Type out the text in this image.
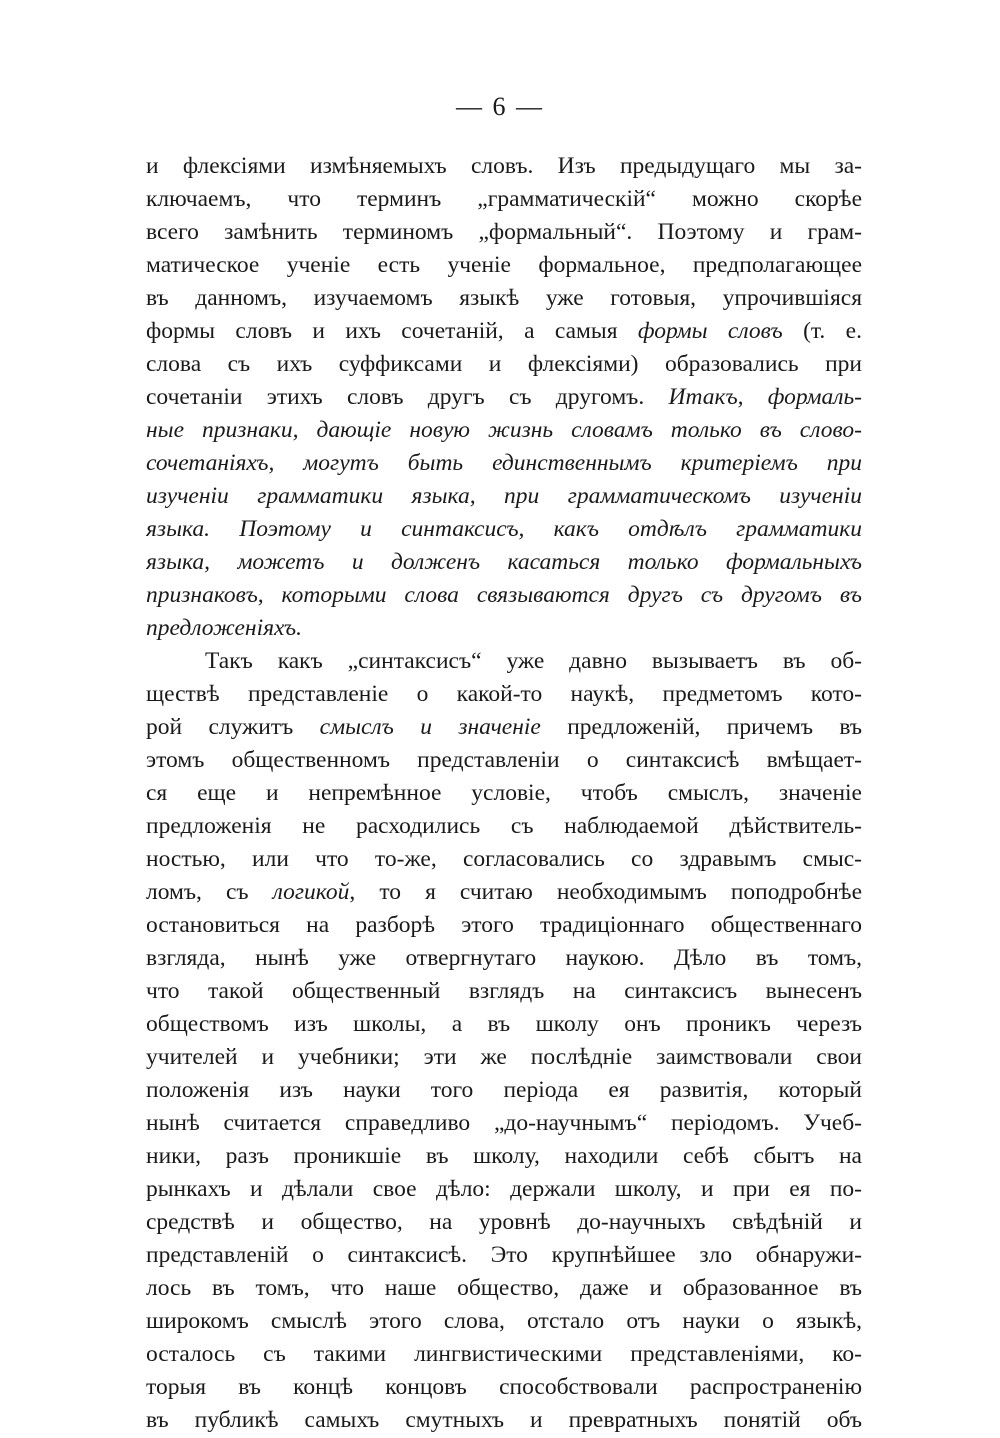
— 6 —
и флексіями измѣняемыхъ словъ. Изъ предыдущаго мы за-
ключаемъ, что терминъ „грамматическій“ можно скорѣе
всего замѣнить терминомъ „формальный“. Поэтому и грам-
матическое ученіе есть ученіе формальное, предполагающее
въ данномъ, изучаемомъ языкѣ уже готовыя, упрочившіяся
формы словъ и ихъ сочетаній, а самыя формы словъ (т. е.
слова съ ихъ суффиксами и флексіями) образовались при
сочетаніи этихъ словъ другъ съ другомъ. Итакъ, формаль-
ные признаки, дающіе новую жизнь словамъ только въ слово-
сочетаніяхъ, могутъ быть единственнымъ критеріемъ при
изученіи грамматики языка, при грамматическомъ изученіи
языка. Поэтому и синтаксисъ, какъ отдѣлъ грамматики
языка, можетъ и долженъ касаться только формальныхъ
признаковъ, которыми слова связываются другъ съ другомъ въ
предложеніяхъ.
Такъ какъ „синтаксисъ“ уже давно вызываетъ въ об-
ществѣ представленіе о какой-то наукѣ, предметомъ кото-
рой служитъ смыслъ и значеніе предложеній, причемъ въ
этомъ общественномъ представленіи о синтаксисѣ вмѣщает-
ся еще и непремѣнное условіе, чтобъ смыслъ, значеніе
предложенія не расходились съ наблюдаемой дѣйствитель-
ностью, или что то-же, согласовались со здравымъ смыс-
ломъ, съ логикой, то я считаю необходимымъ поподробнѣе
остановиться на разборѣ этого традиціоннаго общественнаго
взгляда, нынѣ уже отвергнутаго наукою. Дѣло въ томъ,
что такой общественный взглядъ на синтаксисъ вынесенъ
обществомъ изъ школы, а въ школу онъ проникъ черезъ
учителей и учебники; эти же послѣдніе заимствовали свои
положенія изъ науки того періода ея развитія, который
нынѣ считается справедливо „до-научнымъ“ періодомъ. Учеб-
ники, разъ проникшіе въ школу, находили себѣ сбытъ на
рынкахъ и дѣлали свое дѣло: держали школу, и при ея по-
средствѣ и общество, на уровнѣ до-научныхъ свѣдѣній и
представленій о синтаксисѣ. Это крупнѣйшее зло обнаружи-
лось въ томъ, что наше общество, даже и образованное въ
широкомъ смыслѣ этого слова, отстало отъ науки о языкѣ,
осталось съ такими лингвистическими представленіями, ко-
торыя въ концѣ концовъ способствовали распространенію
въ публикѣ самыхъ смутныхъ и превратныхъ понятій объ
